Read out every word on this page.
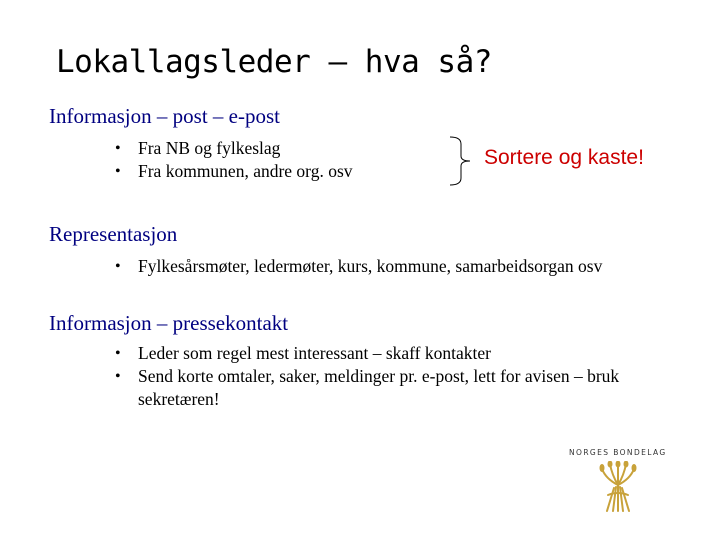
Lokallagsleder – hva så?
Informasjon – post – e-post
• Fra NB og fylkeslag
• Fra kommunen, andre org. osv
Sortere og kaste!
Representasjon
• Fylkesårsmøter, ledermøter, kurs, kommune, samarbeidsorgan osv
Informasjon – pressekontakt
• Leder som regel mest interessant – skaff kontakter
• Send korte omtaler, saker, meldinger pr. e-post, lett for avisen – bruk sekretæren!
NORGES BONDELAG
